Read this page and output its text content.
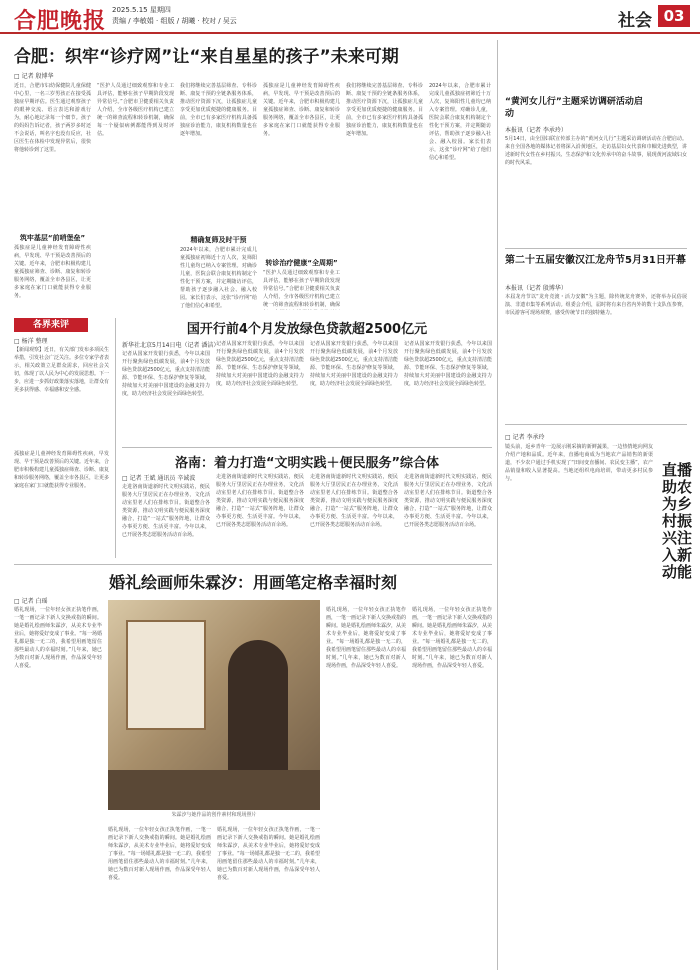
合肥晚报 2025.5.15 星期四
责编 / 李敏娟 · 组版 / 胡曦 · 校对 / 吴云	社会 03
合肥：织牢“诊疗网”让“来自星星的孩子”未来可期
□ 记者 殷博华
近日，合肥市妇幼保健院儿童保健中心里，一名三岁男孩正在接受孤独症早期评估。医生通过观察孩子的眼神交流、语言表达和游戏行为，耐心地记录每一个细节。孩子的妈妈告诉记者，孩子两岁多时还不会说话，叫名字也没有反应，社区医生在体检中发现异常后，很快将他转诊到了这里。
筑牢基层“前哨堡垒”
孤独症是儿童神经发育障碍性疾病，早发现、早干预是改善预后的关键。近年来，合肥市积极构建儿童孤独症筛查、诊断、康复和转诊服务网络，覆盖全市各县区，让更多家庭在家门口就能获得专业服务。
“医护人员通过细致观察和专业工具评估，能够在孩子早期阶段发现异常信号。”合肥市卫健委相关负责人介绍，全市各级医疗机构已建立统一的筛查流程和转诊机制，确保每一个疑似病例都能得到及时评估。
我们将继续完善基层筛查、专科诊断、康复干预的全链条服务体系，推动医疗资源下沉，让孤独症儿童享受更加优质便捷的健康服务。目前，全市已有多家医疗机构具备孤独症诊治能力，康复机构数量也在逐年增加。
精确复筛及时干预
2024年以来，合肥市累计完成儿童孤独症初筛近十万人次，复筛阳性儿童均已纳入专案管理。对确诊儿童，医院会联合康复机构制定个性化干预方案，并定期随访评估，帮助孩子逐步融入社会、融入校园。家长们表示，这张“诊疗网”给了他们信心和希望。
孤独症是儿童神经发育障碍性疾病，早发现、早干预是改善预后的关键。近年来，合肥市积极构建儿童孤独症筛查、诊断、康复和转诊服务网络，覆盖全市各县区，让更多家庭在家门口就能获得专业服务。
转诊治疗健康“全周期”
“医护人员通过细致观察和专业工具评估，能够在孩子早期阶段发现异常信号。”合肥市卫健委相关负责人介绍，全市各级医疗机构已建立统一的筛查流程和转诊机制，确保
我们将继续完善基层筛查、专科诊断、康复干预的全链条服务体系，推动医疗资源下沉，让孤独症儿童享受更加优质便捷的健康服务。目前，全市已有多家医疗机构具备孤独症诊治能力，康复机构数量也在逐年增加。
2024年以来，合肥市累计完成儿童孤独症初筛近十万人次，复筛阳性儿童均已纳入专案管理。对确诊儿童，医院会联合康复机构制定个性化干预方案，并定期随访评估，帮助孩子逐步融入社会、融入校园。家长们表示，这张“诊疗网”给了他们信心和希望。
“黄河女儿行”主题采访调研活动启动
本报讯（记者 李承玲）
5月14日，由全国妇联宣传部主办的“黄河女儿行”主题采访调研活动在合肥启动。来自全国各地的媒体记者将深入沿黄地区，走访基层妇女代表和巾帼先进典型，讲述新时代女性在乡村振兴、生态保护和文化传承中的奋斗故事，展现黄河流域妇女的时代风采。
第二十五届安徽汉江龙舟节5月31日开幕
本报讯（记者 殷博华）
本届龙舟节以“龙舟竞渡・活力安徽”为主题，除传统龙舟赛外，还将举办民俗展演、非遗市集等系列活动。组委会介绍，届时将有来自省内外的数十支队伍参赛，市民游客可现场观赛，感受传统节日的独特魅力。
□ 记者 李承玲
镜头前，返乡青年一边展示刚采摘的新鲜蔬果，一边热情地向网友介绍产地和品质。近年来，直播电商成为当地农产品销售的新渠道，不少农户通过手机实现了“田间变直播间、农民变主播”，农产品销量和收入显著提高。当地还组织电商培训，带动更多村民参与。	直播助农为乡村振兴注入新动能
各界来评
□ 杨洋 整理
【新闻观察】近日，有关部门发布多项民生举措，引发社会广泛关注。多位专家学者表示，相关政策立足群众需求，回应社会关切，体现了以人民为中心的发展思想。下一步，应进一步抓好政策落实落地，让群众有更多获得感、幸福感和安全感。
孤独症是儿童神经发育障碍性疾病，早发现、早干预是改善预后的关键。近年来，合肥市积极构建儿童孤独症筛查、诊断、康复和转诊服务网络，覆盖全市各县区，让更多家庭在家门口就能获得专业服务。
国开行前4个月发放绿色贷款超2500亿元
新华社北京5月14日电（记者 潘洁）
记者从国家开发银行获悉，今年以来国开行聚焦绿色低碳发展，前4个月发放绿色贷款超2500亿元，重点支持清洁能源、节能环保、生态保护修复等领域，持续加大对美丽中国建设的金融支持力度，助力经济社会发展全面绿色转型。
记者从国家开发银行获悉，今年以来国开行聚焦绿色低碳发展，前4个月发放绿色贷款超2500亿元，重点支持清洁能源、节能环保、生态保护修复等领域，持续加大对美丽中国建设的金融支持力度，助力经济社会发展全面绿色转型。
记者从国家开发银行获悉，今年以来国开行聚焦绿色低碳发展，前4个月发放绿色贷款超2500亿元，重点支持清洁能源、节能环保、生态保护修复等领域，持续加大对美丽中国建设的金融支持力度，助力经济社会发展全面绿色转型。
记者从国家开发银行获悉，今年以来国开行聚焦绿色低碳发展，前4个月发放绿色贷款超2500亿元，重点支持清洁能源、节能环保、生态保护修复等领域，持续加大对美丽中国建设的金融支持力度，助力经济社会发展全面绿色转型。
洛南：着力打造“文明实践＋便民服务”综合体
□ 记者 王斌 通讯员 辛诚波
走进洛南街道新时代文明实践站，便民服务大厅里居民正在办理业务，文化活动室里老人们在排练节目。街道整合各类资源，推动文明实践与便民服务深度融合，打造“一站式”服务阵地，让群众办事更方便、生活更丰富。今年以来，已开展各类志愿服务活动百余场。
走进洛南街道新时代文明实践站，便民服务大厅里居民正在办理业务，文化活动室里老人们在排练节目。街道整合各类资源，推动文明实践与便民服务深度融合，打造“一站式”服务阵地，让群众办事更方便、生活更丰富。今年以来，已开展各类志愿服务活动百余场。
走进洛南街道新时代文明实践站，便民服务大厅里居民正在办理业务，文化活动室里老人们在排练节目。街道整合各类资源，推动文明实践与便民服务深度融合，打造“一站式”服务阵地，让群众办事更方便、生活更丰富。今年以来，已开展各类志愿服务活动百余场。
走进洛南街道新时代文明实践站，便民服务大厅里居民正在办理业务，文化活动室里老人们在排练节目。街道整合各类资源，推动文明实践与便民服务深度融合，打造“一站式”服务阵地，让群众办事更方便、生活更丰富。今年以来，已开展各类志愿服务活动百余场。
婚礼绘画师朱霖汐：用画笔定格幸福时刻
□ 记者 白瑶
婚礼现场，一位年轻女孩正执笔作画，一笔一画记录下新人交换戒指的瞬间。她是婚礼绘画师朱霖汐，从美术专业毕业后，她将爱好变成了事业。“每一场婚礼都是独一无二的，我希望用画笔留住那些最动人的幸福时刻。”几年来，她已为数百对新人现场作画，作品深受年轻人喜爱。
朱霖汐与她作品的创作素材和现场照片
婚礼现场，一位年轻女孩正执笔作画，一笔一画记录下新人交换戒指的瞬间。她是婚礼绘画师朱霖汐，从美术专业毕业后，她将爱好变成了事业。“每一场婚礼都是独一无二的，我希望用画笔留住那些最动人的幸福时刻。”几年来，她已为数百对新人现场作画，作品深受年轻人喜爱。
婚礼现场，一位年轻女孩正执笔作画，一笔一画记录下新人交换戒指的瞬间。她是婚礼绘画师朱霖汐，从美术专业毕业后，她将爱好变成了事业。“每一场婚礼都是独一无二的，我希望用画笔留住那些最动人的幸福时刻。”几年来，她已为数百对新人现场作画，作品深受年轻人喜爱。
婚礼现场，一位年轻女孩正执笔作画，一笔一画记录下新人交换戒指的瞬间。她是婚礼绘画师朱霖汐，从美术专业毕业后，她将爱好变成了事业。“每一场婚礼都是独一无二的，我希望用画笔留住那些最动人的幸福时刻。”几年来，她已为数百对新人现场作画，作品深受年轻人喜爱。
婚礼现场，一位年轻女孩正执笔作画，一笔一画记录下新人交换戒指的瞬间。她是婚礼绘画师朱霖汐，从美术专业毕业后，她将爱好变成了事业。“每一场婚礼都是独一无二的，我希望用画笔留住那些最动人的幸福时刻。”几年来，她已为数百对新人现场作画，作品深受年轻人喜爱。
